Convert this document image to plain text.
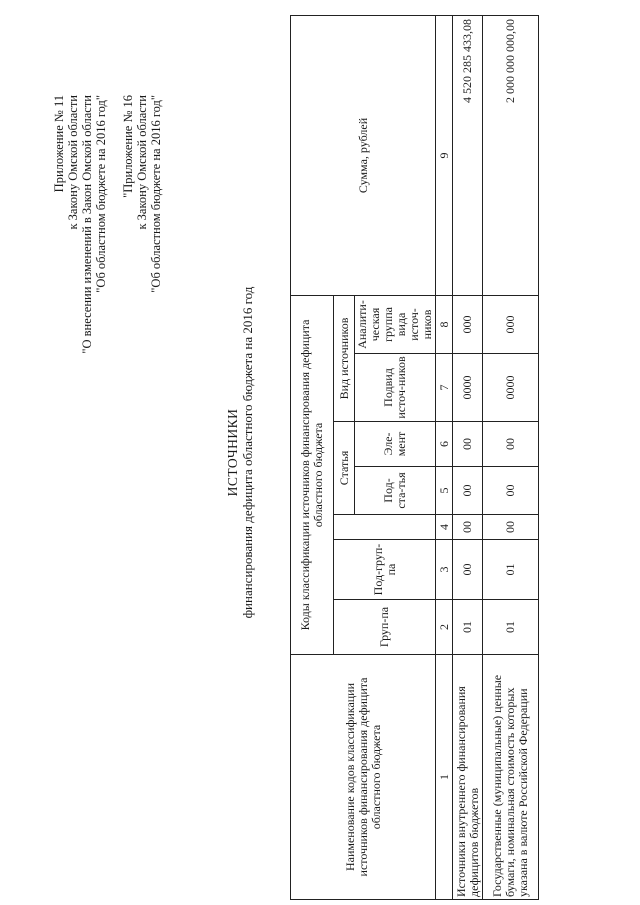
Приложение № 11 к Закону Омской области "О внесении изменений в Закон Омской области "Об областном бюджете на 2016 год" "Приложение № 16 к Закону Омской области "Об областном бюджете на 2016 год"
ИСТОЧНИКИ финансирования дефицита областного бюджета на 2016 год
Наименование кодов классификации источников финансирования дефицита областного бюджета	Коды классификации источников финансирования дефицита областного бюджета							Сумма, рублей
	Груп-па	Под-груп-па		Статья		Вид источников		
				Под-ста-тья	Эле-мент	Подвид источ-ников	Аналити-ческая группа вида источ-ников	

1	2	3	4	5	6	7	8	9
Источники внутреннего финансирования дефицитов бюджетов	01	00	00	00	00	0000	000	4 520 285 433,08
Государственные (муниципальные) ценные бумаги, номинальная стоимость которых указана в валюте Российской Федерации	01	01	00	00	00	0000	000	2 000 000 000,00
